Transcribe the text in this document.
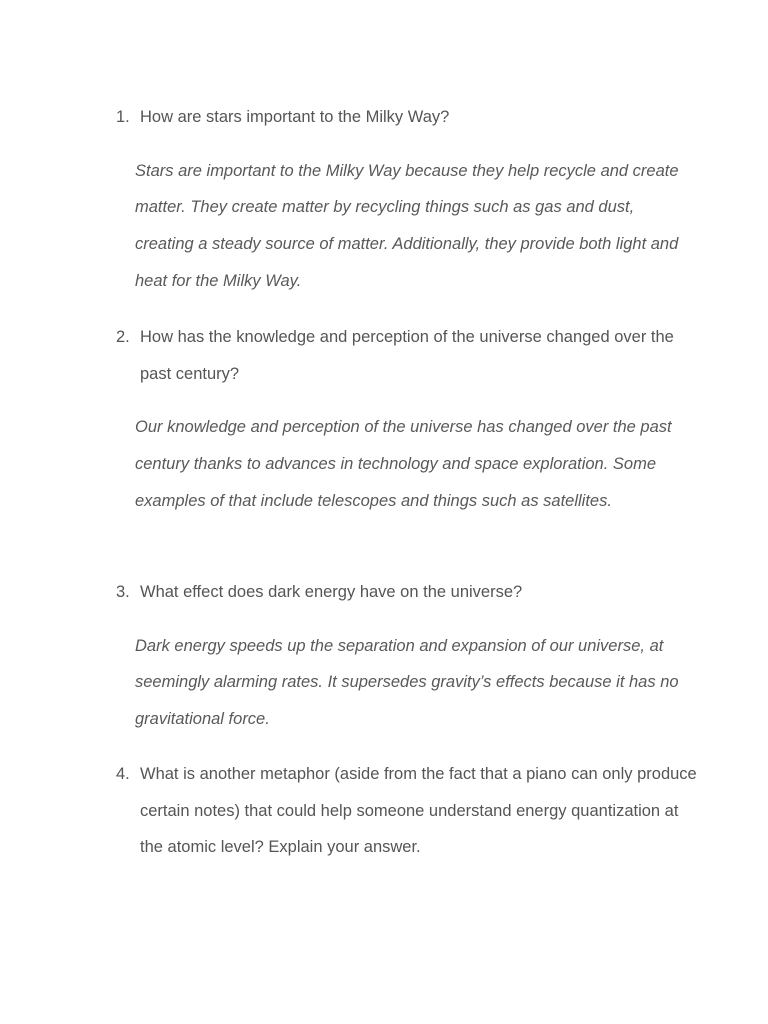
1. How are stars important to the Milky Way?
Stars are important to the Milky Way because they help recycle and create matter. They create matter by recycling things such as gas and dust, creating a steady source of matter. Additionally, they provide both light and heat for the Milky Way.
2. How has the knowledge and perception of the universe changed over the past century?
Our knowledge and perception of the universe has changed over the past century thanks to advances in technology and space exploration. Some examples of that include telescopes and things such as satellites.
3. What effect does dark energy have on the universe?
Dark energy speeds up the separation and expansion of our universe, at seemingly alarming rates. It supersedes gravity’s effects because it has no gravitational force.
4. What is another metaphor (aside from the fact that a piano can only produce certain notes) that could help someone understand energy quantization at the atomic level? Explain your answer.
